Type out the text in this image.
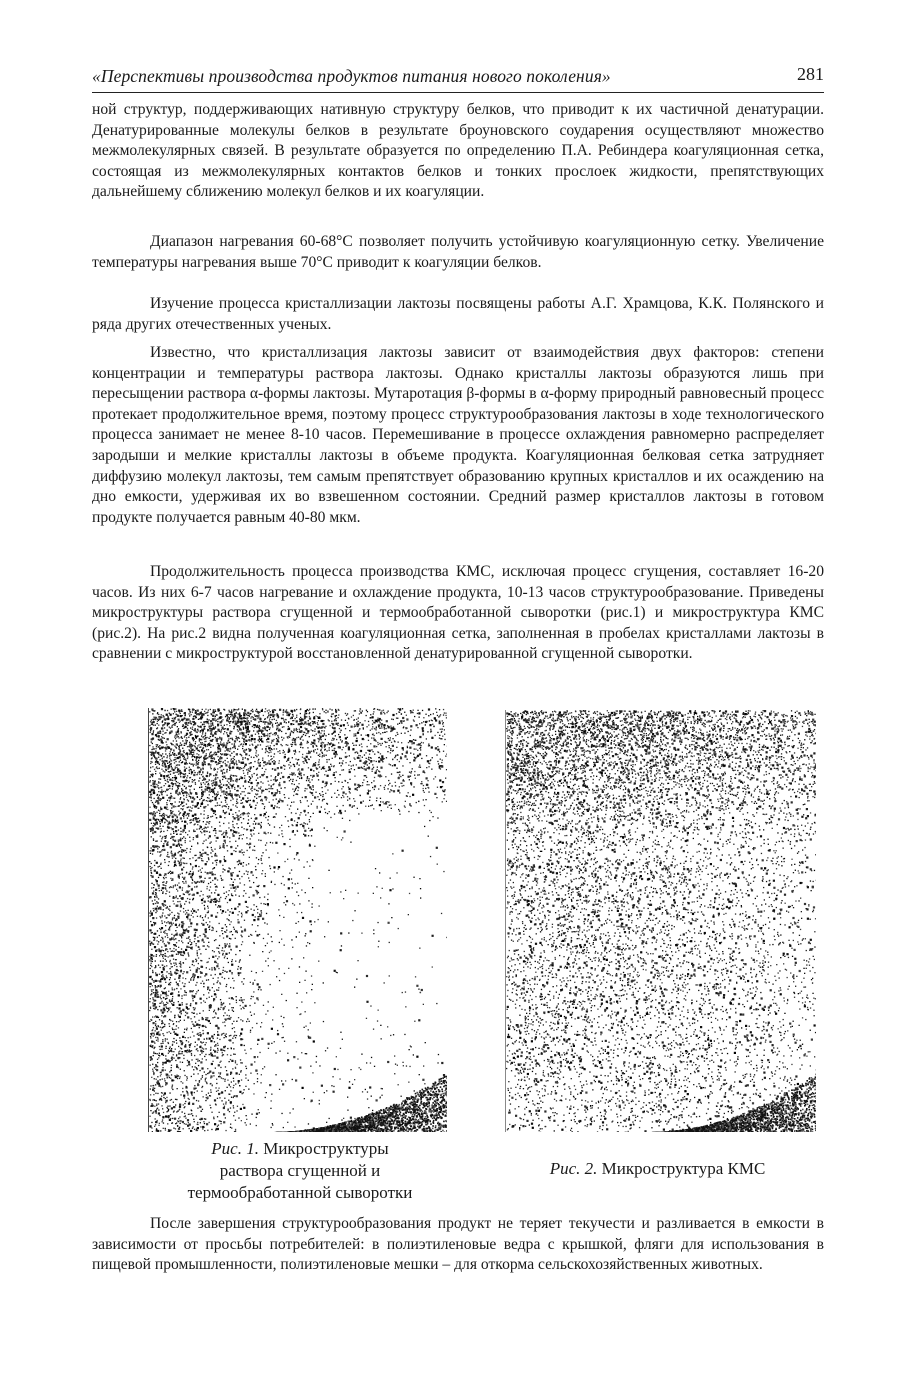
«Перспективы производства продуктов питания нового поколения»	281

ной структур, поддерживающих нативную структуру белков, что приводит к их частичной денатурации. Денатурированные молекулы белков в результате броуновского соударения осуществляют множество межмолекулярных связей. В результате образуется по определению П.А. Ребиндера коагуляционная сетка, состоящая из межмолекулярных контактов белков и тонких прослоек жидкости, препятствующих дальнейшему сближению молекул белков и их коагуляции.

Диапазон нагревания 60-68°С позволяет получить устойчивую коагуляционную сетку. Увеличение температуры нагревания выше 70°С приводит к коагуляции белков.

Изучение процесса кристаллизации лактозы посвящены работы А.Г. Храмцова, К.К. Полянского и ряда других отечественных ученых.

Известно, что кристаллизация лактозы зависит от взаимодействия двух факторов: степени концентрации и температуры раствора лактозы. Однако кристаллы лактозы образуются лишь при пересыщении раствора α-формы лактозы. Мутаротация β-формы в α-форму природный равновесный процесс протекает продолжительное время, поэтому процесс структурообразования лактозы в ходе технологического процесса занимает не менее 8-10 часов. Перемешивание в процессе охлаждения равномерно распределяет зародыши и мелкие кристаллы лактозы в объеме продукта. Коагуляционная белковая сетка затрудняет диффузию молекул лактозы, тем самым препятствует образованию крупных кристаллов и их осаждению на дно емкости, удерживая их во взвешенном состоянии. Средний размер кристаллов лактозы в готовом продукте получается равным 40-80 мкм.

Продолжительность процесса производства КМС, исключая процесс сгущения, составляет 16-20 часов. Из них 6-7 часов нагревание и охлаждение продукта, 10-13 часов структурообразование. Приведены микроструктуры раствора сгущенной и термообработанной сыворотки (рис.1) и микроструктура КМС (рис.2). На рис.2 видна полученная коагуляционная сетка, заполненная в пробелах кристаллами лактозы в сравнении с микроструктурой восстановленной денатурированной сгущенной сыворотки.

Рис. 1. Микроструктуры
раствора сгущенной и
термообработанной сыворотки
Рис. 2. Микроструктура КМС

После завершения структурообразования продукт не теряет текучести и разливается в емкости в зависимости от просьбы потребителей: в полиэтиленовые ведра с крышкой, фляги для использования в пищевой промышленности, полиэтиленовые мешки – для откорма сельскохозяйственных животных.
